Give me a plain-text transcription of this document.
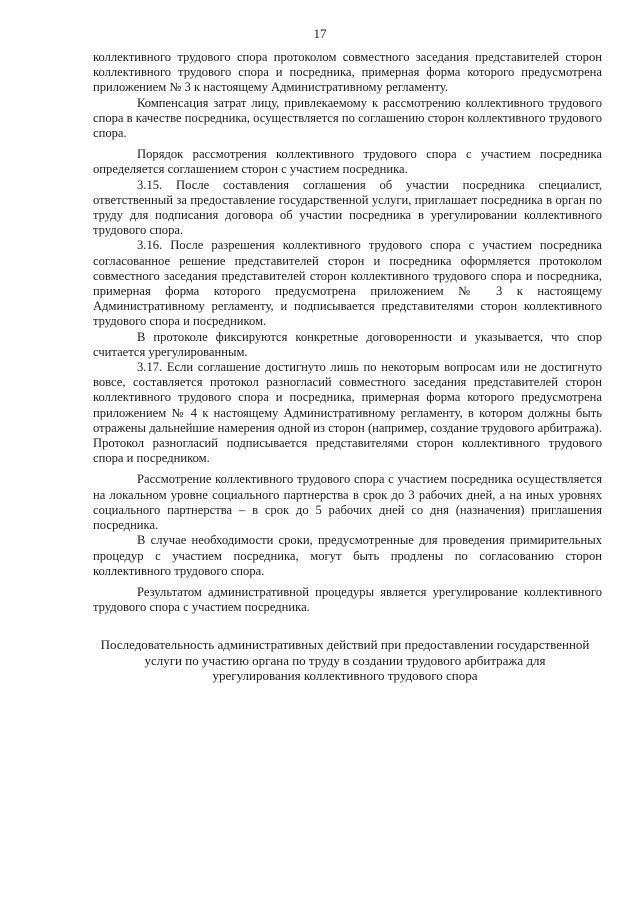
17

коллективного трудового спора протоколом совместного заседания представителей сторон коллективного трудового спора и посредника, примерная форма которого предусмотрена приложением № 3 к настоящему Административному регламенту.

Компенсация затрат лицу, привлекаемому к рассмотрению коллективного трудового спора в качестве посредника, осуществляется по соглашению сторон коллективного трудового спора.

Порядок рассмотрения коллективного трудового спора с участием посредника определяется соглашением сторон с участием посредника.

3.15. После составления соглашения об участии посредника специалист, ответственный за предоставление государственной услуги, приглашает посредника в орган по труду для подписания договора об участии посредника в урегулировании коллективного трудового спора.

3.16. После разрешения коллективного трудового спора с участием посредника согласованное решение представителей сторон и посредника оформляется протоколом совместного заседания представителей сторон коллективного трудового спора и посредника, примерная форма которого предусмотрена приложением № 3 к настоящему Административному регламенту, и подписывается представителями сторон коллективного трудового спора и посредником.

В протоколе фиксируются конкретные договоренности и указывается, что спор считается урегулированным.

3.17. Если соглашение достигнуто лишь по некоторым вопросам или не достигнуто вовсе, составляется протокол разногласий совместного заседания представителей сторон коллективного трудового спора и посредника, примерная форма которого предусмотрена приложением № 4 к настоящему Административному регламенту, в котором должны быть отражены дальнейшие намерения одной из сторон (например, создание трудового арбитража). Протокол разногласий подписывается представителями сторон коллективного трудового спора и посредником.

Рассмотрение коллективного трудового спора с участием посредника осуществляется на локальном уровне социального партнерства в срок до 3 рабочих дней, а на иных уровнях социального партнерства – в срок до 5 рабочих дней со дня (назначения) приглашения посредника.

В случае необходимости сроки, предусмотренные для проведения примирительных процедур с участием посредника, могут быть продлены по согласованию сторон коллективного трудового спора.

Результатом административной процедуры является урегулирование коллективного трудового спора с участием посредника.

Последовательность административных действий при предоставлении государственной услуги по участию органа по труду в создании трудового арбитража для урегулирования коллективного трудового спора
